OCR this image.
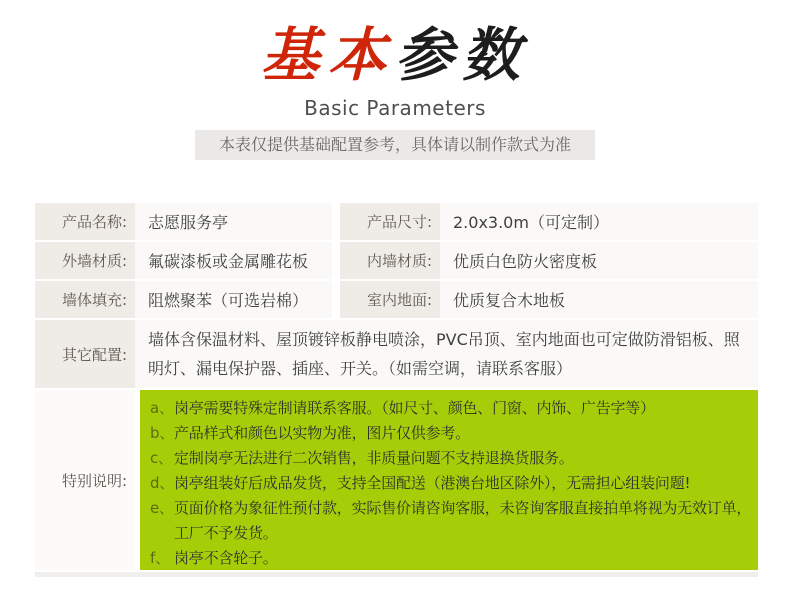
基本参数
Basic Parameters
本表仅提供基础配置参考，具体请以制作款式为准
产品名称:	志愿服务亭	产品尺寸:	2.0x3.0m（可定制）
外墙材质:	氟碳漆板或金属雕花板	内墙材质:	优质白色防火密度板
墙体填充:	阻燃聚苯（可选岩棉）	室内地面:	优质复合木地板
其它配置:
墙体含保温材料、屋顶镀锌板静电喷涂，PVC吊顶、室内地面也可定做防滑铝板、照明灯、漏电保护器、插座、开关。（如需空调，请联系客服）
特别说明:
a、 岗亭需要特殊定制请联系客服。（如尺寸、颜色、门窗、内饰、广告字等）
b、 产品样式和颜色以实物为准，图片仅供参考。
c、 定制岗亭无法进行二次销售，非质量问题不支持退换货服务。
d、 岗亭组装好后成品发货，支持全国配送（港澳台地区除外），无需担心组装问题!
e、 页面价格为象征性预付款，实际售价请咨询客服，未咨询客服直接拍单将视为无效订单，工厂不予发货。
f、 岗亭不含轮子。
